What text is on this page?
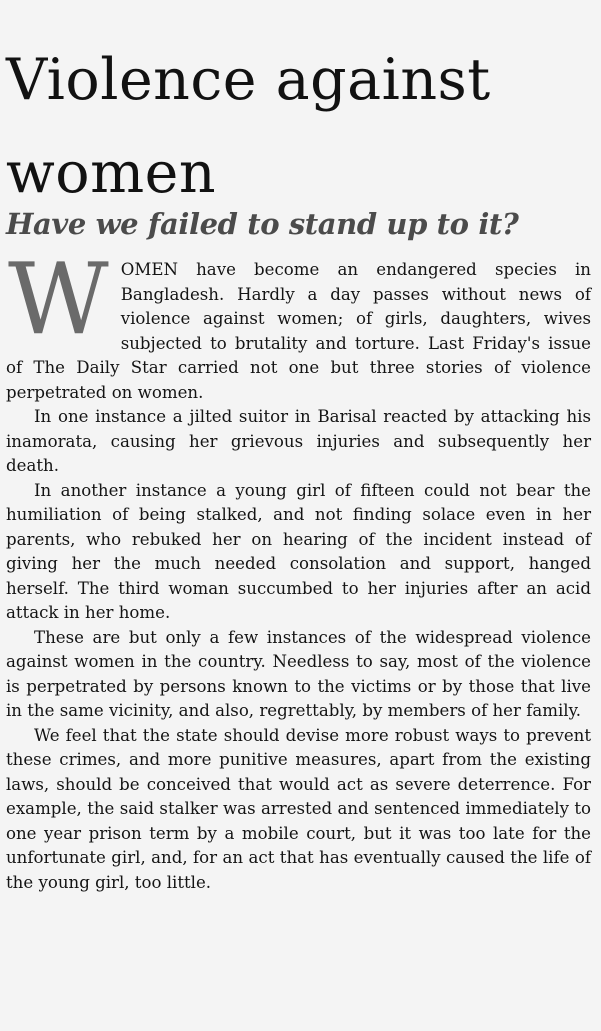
Violence against women
Have we failed to stand up to it?

WOMEN have become an endangered species in Bangladesh. Hardly a day passes without news of violence against women; of girls, daughters, wives subjected to brutality and torture. Last Friday's issue of The Daily Star carried not one but three stories of violence perpetrated on women.

In one instance a jilted suitor in Barisal reacted by attacking his inamorata, causing her grievous injuries and subsequently her death.

In another instance a young girl of fifteen could not bear the humiliation of being stalked, and not finding solace even in her parents, who rebuked her on hearing of the incident instead of giving her the much needed consolation and support, hanged herself. The third woman succumbed to her injuries after an acid attack in her home.

These are but only a few instances of the widespread violence against women in the country. Needless to say, most of the violence is perpetrated by persons known to the victims or by those that live in the same vicinity, and also, regrettably, by members of her family.

We feel that the state should devise more robust ways to prevent these crimes, and more punitive measures, apart from the existing laws, should be conceived that would act as severe deterrence. For example, the said stalker was arrested and sentenced immediately to one year prison term by a mobile court, but it was too late for the unfortunate girl, and, for an act that has eventually caused the life of the young girl, too little.
